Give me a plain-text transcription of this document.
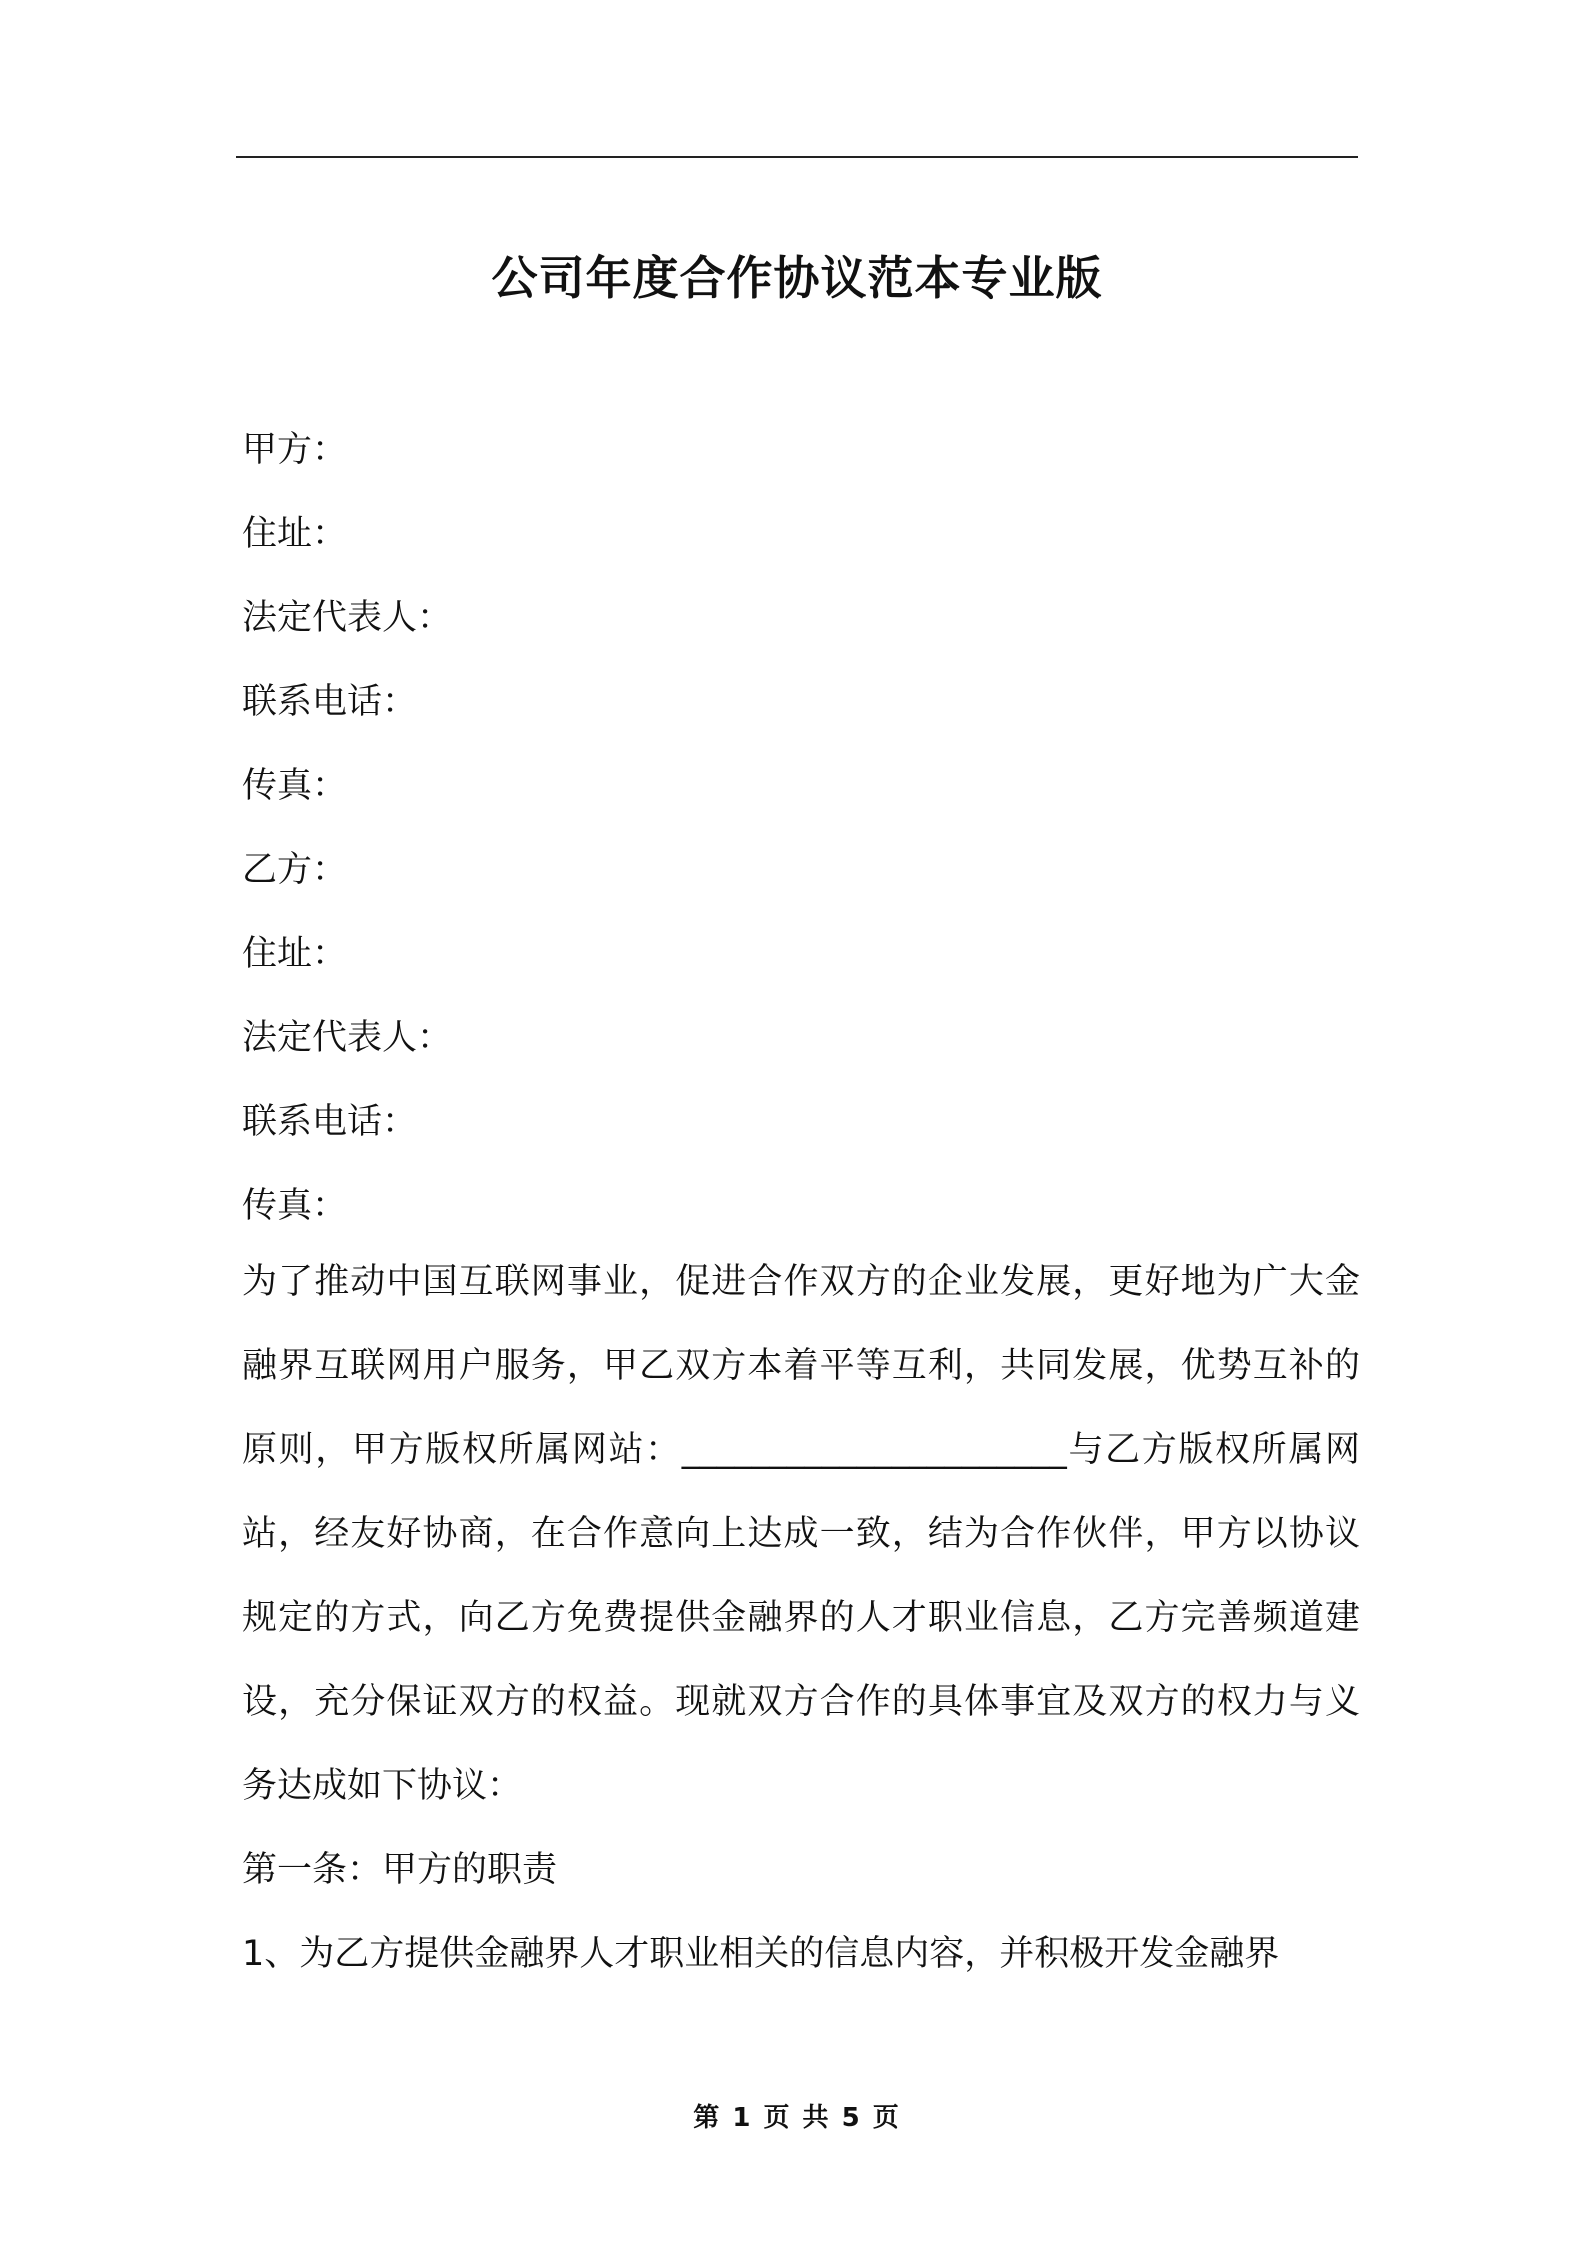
公司年度合作协议范本专业版
甲方：
住址：
法定代表人：
联系电话：
传真：
乙方：
住址：
法定代表人：
联系电话：
传真：

为了推动中国互联网事业，促进合作双方的企业发展，更好地为广大金融界互联网用户服务，甲乙双方本着平等互利，共同发展，优势互补的原则，甲方版权所属网站：______________________与乙方版权所属网站，经友好协商，在合作意向上达成一致，结为合作伙伴，甲方以协议规定的方式，向乙方免费提供金融界的人才职业信息，乙方完善频道建设，充分保证双方的权益。现就双方合作的具体事宜及双方的权力与义务达成如下协议：

第一条：甲方的职责

1、为乙方提供金融界人才职业相关的信息内容，并积极开发金融界

第 1 页 共 5 页
